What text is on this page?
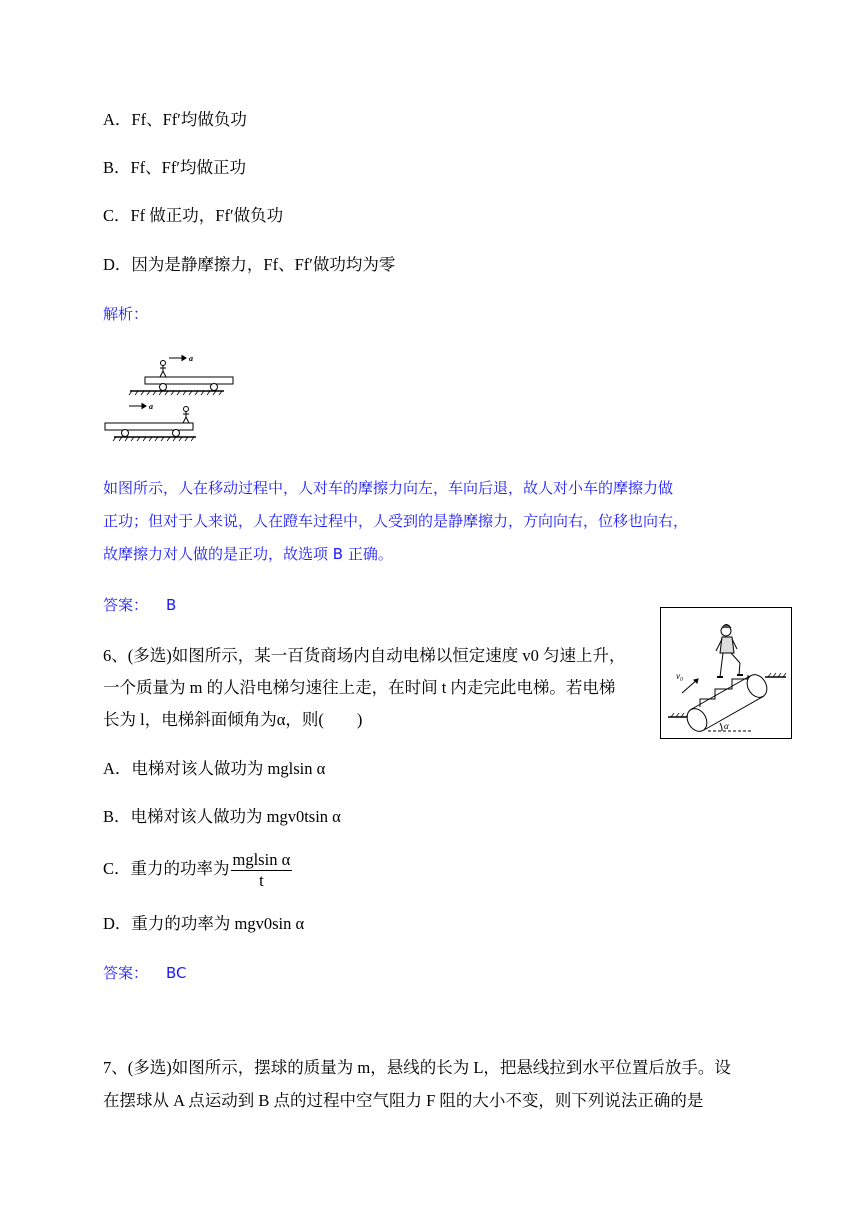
A．Ff、Ff′均做负功
B．Ff、Ff′均做正功
C．Ff 做正功，Ff′做负功
D．因为是静摩擦力，Ff、Ff′做功均为零
解析：
a
a
如图所示，人在移动过程中，人对车的摩擦力向左，车向后退，故人对小车的摩擦力做
正功；但对于人来说，人在蹬车过程中，人受到的是静摩擦力，方向向右，位移也向右，
故摩擦力对人做的是正功，故选项 B 正确。
答案： B
6、(多选)如图所示，某一百货商场内自动电梯以恒定速度 v0 匀速上升，
一个质量为 m 的人沿电梯匀速往上走，在时间 t 内走完此电梯。若电梯
长为 l，电梯斜面倾角为α，则(　　)
v₀
α
A．电梯对该人做功为 mglsin α
B．电梯对该人做功为 mgv0tsin α
C．重力的功率为 $\frac{\text{mglsin α}}{t}$
D．重力的功率为 mgv0sin α
答案： BC
7、(多选)如图所示，摆球的质量为 m，悬线的长为 L，把悬线拉到水平位置后放手。设
在摆球从 A 点运动到 B 点的过程中空气阻力 F 阻的大小不变，则下列说法正确的是
